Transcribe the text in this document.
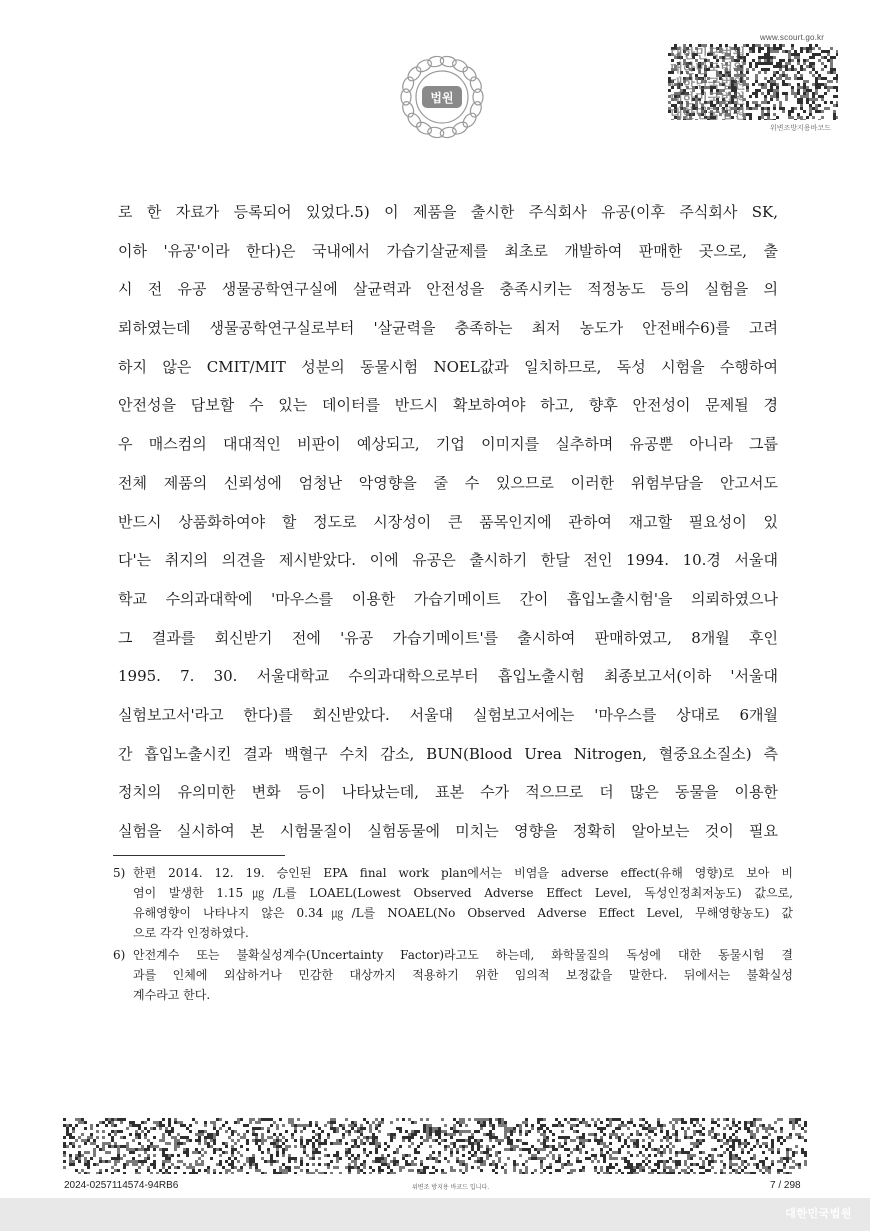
법원
www.scourt.go.kr
대한민국법원
대한민국법원
대한민국법원
대한민국법원
대한민국법원
위변조방지용바코드
로 한 자료가 등록되어 있었다.5) 이 제품을 출시한 주식회사 유공(이후 주식회사 SK,
이하 '유공'이라 한다)은 국내에서 가습기살균제를 최초로 개발하여 판매한 곳으로, 출
시 전 유공 생물공학연구실에 살균력과 안전성을 충족시키는 적정농도 등의 실험을 의
뢰하였는데 생물공학연구실로부터 '살균력을 충족하는 최저 농도가 안전배수6)를 고려
하지 않은 CMIT/MIT 성분의 동물시험 NOEL값과 일치하므로, 독성 시험을 수행하여
안전성을 담보할 수 있는 데이터를 반드시 확보하여야 하고, 향후 안전성이 문제될 경
우 매스컴의 대대적인 비판이 예상되고, 기업 이미지를 실추하며 유공뿐 아니라 그룹
전체 제품의 신뢰성에 엄청난 악영향을 줄 수 있으므로 이러한 위험부담을 안고서도
반드시 상품화하여야 할 정도로 시장성이 큰 품목인지에 관하여 재고할 필요성이 있
다'는 취지의 의견을 제시받았다. 이에 유공은 출시하기 한달 전인 1994. 10.경 서울대
학교 수의과대학에 '마우스를 이용한 가습기메이트 간이 흡입노출시험'을 의뢰하였으나
그 결과를 회신받기 전에 '유공 가습기메이트'를 출시하여 판매하였고, 8개월 후인
1995. 7. 30. 서울대학교 수의과대학으로부터 흡입노출시험 최종보고서(이하 '서울대
실험보고서'라고 한다)를 회신받았다. 서울대 실험보고서에는 '마우스를 상대로 6개월
간 흡입노출시킨 결과 백혈구 수치 감소, BUN(Blood Urea Nitrogen, 혈중요소질소) 측
정치의 유의미한 변화 등이 나타났는데, 표본 수가 적으므로 더 많은 동물을 이용한
실험을 실시하여 본 시험물질이 실험동물에 미치는 영향을 정확히 알아보는 것이 필요
5) 한편 2014. 12. 19. 승인된 EPA final work plan에서는 비염을 adverse effect(유해 영향)로 보아 비
염이 발생한 1.15㎍/L를 LOAEL(Lowest Observed Adverse Effect Level, 독성인정최저농도) 값으로,
유해영향이 나타나지 않은 0.34㎍/L를 NOAEL(No Observed Adverse Effect Level, 무해영향농도) 값
으로 각각 인정하였다.
6) 안전계수 또는 불확실성계수(Uncertainty Factor)라고도 하는데, 화학물질의 독성에 대한 동물시험 결
과를 인체에 외삽하거나 민감한 대상까지 적용하기 위한 임의적 보정값을 말한다. 뒤에서는 불확실성
계수라고 한다.
2024-0257114574-94RB6	위변조 방지용 바코드 입니다.	7 / 298
대한민국법원
